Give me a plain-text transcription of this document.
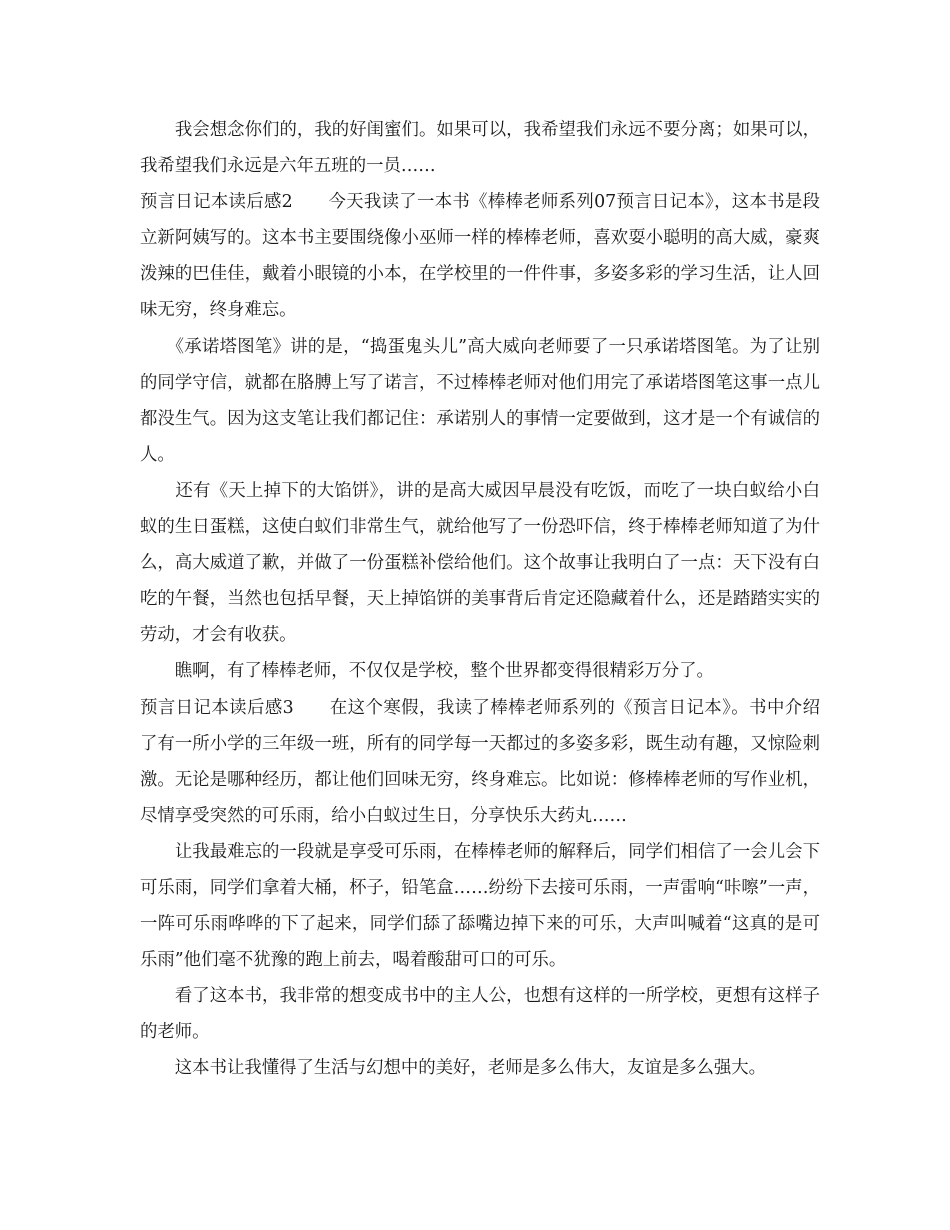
　　我会想念你们的，我的好闺蜜们。如果可以，我希望我们永远不要分离；如果可以，我希望我们永远是六年五班的一员……

预言日记本读后感2　　今天我读了一本书《棒棒老师系列07预言日记本》，这本书是段立新阿姨写的。这本书主要围绕像小巫师一样的棒棒老师，喜欢耍小聪明的高大威，豪爽泼辣的巴佳佳，戴着小眼镜的小本，在学校里的一件件事，多姿多彩的学习生活，让人回味无穷，终身难忘。

　　《承诺塔图笔》讲的是，“捣蛋鬼头儿”高大威向老师要了一只承诺塔图笔。为了让别的同学守信，就都在胳膊上写了诺言，不过棒棒老师对他们用完了承诺塔图笔这事一点儿都没生气。因为这支笔让我们都记住：承诺别人的事情一定要做到，这才是一个有诚信的人。

　　还有《天上掉下的大馅饼》，讲的是高大威因早晨没有吃饭，而吃了一块白蚁给小白蚁的生日蛋糕，这使白蚁们非常生气，就给他写了一份恐吓信，终于棒棒老师知道了为什么，高大威道了歉，并做了一份蛋糕补偿给他们。这个故事让我明白了一点：天下没有白吃的午餐，当然也包括早餐，天上掉馅饼的美事背后肯定还隐藏着什么，还是踏踏实实的劳动，才会有收获。

　　瞧啊，有了棒棒老师，不仅仅是学校，整个世界都变得很精彩万分了。

预言日记本读后感3　　在这个寒假，我读了棒棒老师系列的《预言日记本》。书中介绍了有一所小学的三年级一班，所有的同学每一天都过的多姿多彩，既生动有趣，又惊险刺激。无论是哪种经历，都让他们回味无穷，终身难忘。比如说：修棒棒老师的写作业机，尽情享受突然的可乐雨，给小白蚁过生日，分享快乐大药丸……

　　让我最难忘的一段就是享受可乐雨，在棒棒老师的解释后，同学们相信了一会儿会下可乐雨，同学们拿着大桶，杯子，铅笔盒……纷纷下去接可乐雨，一声雷响“咔嚓”一声，一阵可乐雨哗哗的下了起来，同学们舔了舔嘴边掉下来的可乐，大声叫喊着“这真的是可乐雨”他们毫不犹豫的跑上前去，喝着酸甜可口的可乐。

　　看了这本书，我非常的想变成书中的主人公，也想有这样的一所学校，更想有这样子的老师。

　　这本书让我懂得了生活与幻想中的美好，老师是多么伟大，友谊是多么强大。
